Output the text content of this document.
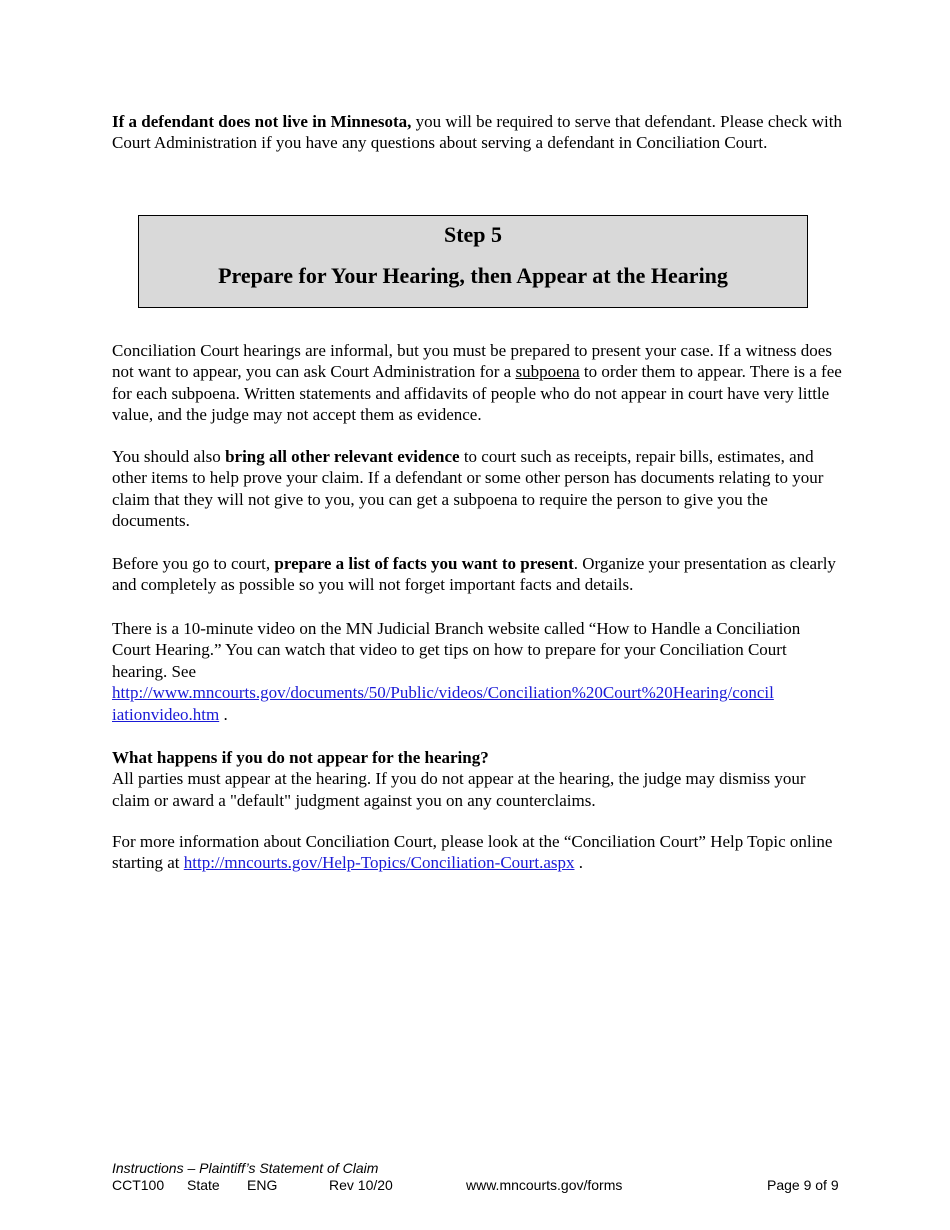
If a defendant does not live in Minnesota, you will be required to serve that defendant. Please check with Court Administration if you have any questions about serving a defendant in Conciliation Court.

Step 5
Prepare for Your Hearing, then Appear at the Hearing

Conciliation Court hearings are informal, but you must be prepared to present your case. If a witness does not want to appear, you can ask Court Administration for a subpoena to order them to appear. There is a fee for each subpoena. Written statements and affidavits of people who do not appear in court have very little value, and the judge may not accept them as evidence.

You should also bring all other relevant evidence to court such as receipts, repair bills, estimates, and other items to help prove your claim. If a defendant or some other person has documents relating to your claim that they will not give to you, you can get a subpoena to require the person to give you the documents.

Before you go to court, prepare a list of facts you want to present. Organize your presentation as clearly and completely as possible so you will not forget important facts and details.

There is a 10-minute video on the MN Judicial Branch website called “How to Handle a Conciliation Court Hearing.” You can watch that video to get tips on how to prepare for your Conciliation Court hearing. See
http://www.mncourts.gov/documents/50/Public/videos/Conciliation%20Court%20Hearing/concil
iationvideo.htm .

What happens if you do not appear for the hearing?
All parties must appear at the hearing. If you do not appear at the hearing, the judge may dismiss your claim or award a "default" judgment against you on any counterclaims.

For more information about Conciliation Court, please look at the “Conciliation Court” Help Topic online starting at http://mncourts.gov/Help-Topics/Conciliation-Court.aspx .

Instructions – Plaintiff’s Statement of Claim
CCT100 State ENG	Rev 10/20	www.mncourts.gov/forms	Page 9 of 9
